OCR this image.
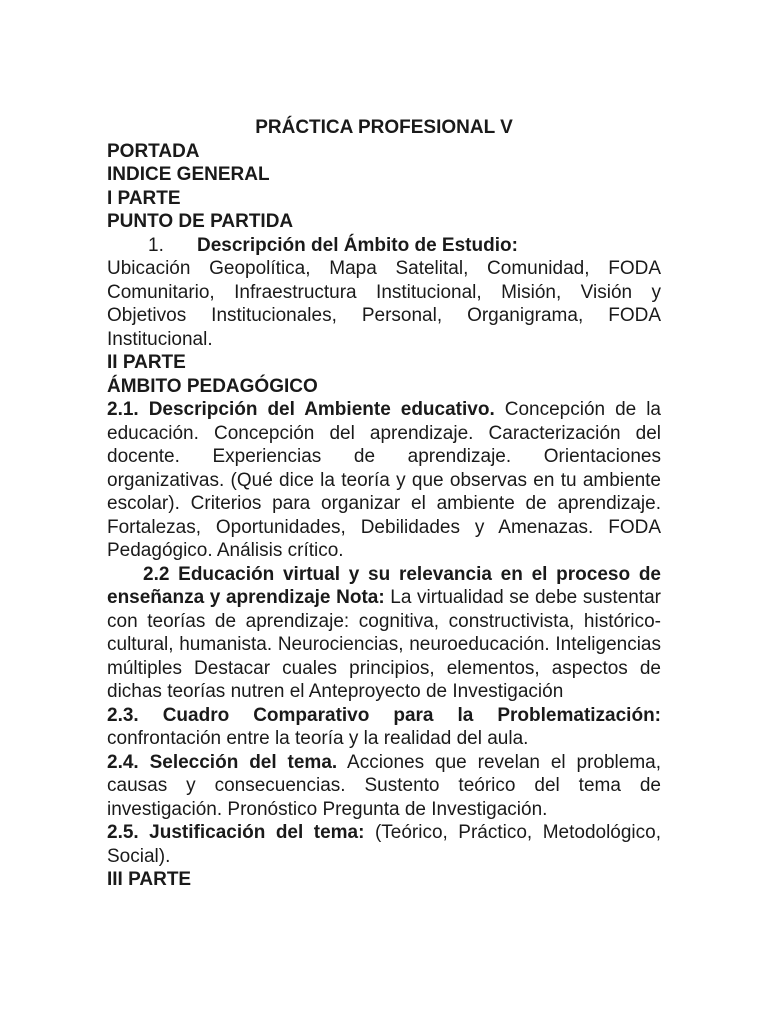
PRÁCTICA PROFESIONAL V

PORTADA

INDICE GENERAL

I PARTE

PUNTO DE PARTIDA

1. Descripción del Ámbito de Estudio:

Ubicación Geopolítica, Mapa Satelital, Comunidad, FODA Comunitario, Infraestructura Institucional, Misión, Visión y Objetivos Institucionales, Personal, Organigrama, FODA Institucional.

II PARTE

ÁMBITO PEDAGÓGICO

2.1. Descripción del Ambiente educativo. Concepción de la educación. Concepción del aprendizaje. Caracterización del docente. Experiencias de aprendizaje. Orientaciones organizativas. (Qué dice la teoría y que observas en tu ambiente escolar). Criterios para organizar el ambiente de aprendizaje. Fortalezas, Oportunidades, Debilidades y Amenazas. FODA Pedagógico. Análisis crítico.

2.2 Educación virtual y su relevancia en el proceso de enseñanza y aprendizaje Nota: La virtualidad se debe sustentar con teorías de aprendizaje: cognitiva, constructivista, histórico-cultural, humanista. Neurociencias, neuroeducación. Inteligencias múltiples Destacar cuales principios, elementos, aspectos de dichas teorías nutren el Anteproyecto de Investigación

2.3. Cuadro Comparativo para la Problematización: confrontación entre la teoría y la realidad del aula.

2.4. Selección del tema. Acciones que revelan el problema, causas y consecuencias. Sustento teórico del tema de investigación. Pronóstico Pregunta de Investigación.

2.5. Justificación del tema: (Teórico, Práctico, Metodológico, Social).

III PARTE
